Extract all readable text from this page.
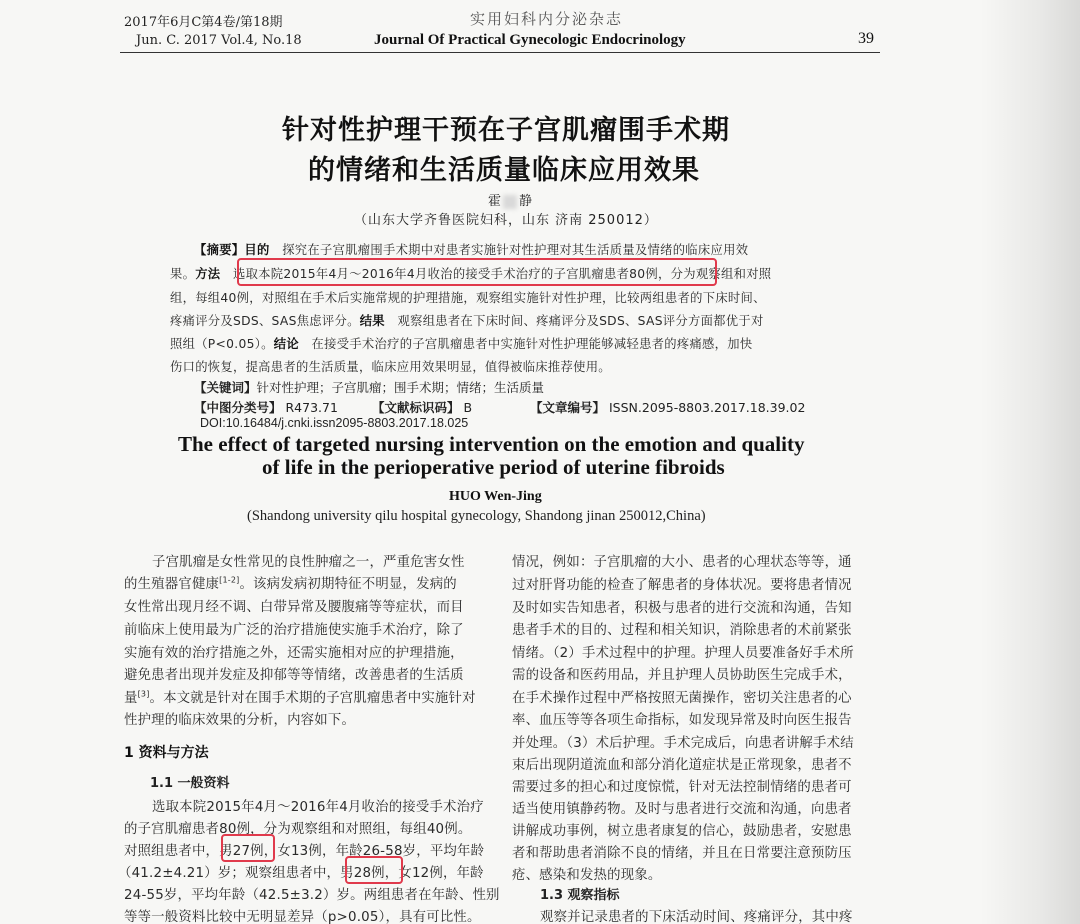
2017年6月C第4卷/第18期
Jun. C. 2017 Vol.4, No.18
实用妇科内分泌杂志
Journal Of Practical Gynecologic Endocrinology	39
针对性护理干预在子宫肌瘤围手术期
的情绪和生活质量临床应用效果
霍 静
（山东大学齐鲁医院妇科，山东 济南 250012）
【摘要】目的　 探究在子宫肌瘤围手术期中对患者实施针对性护理对其生活质量及情绪的临床应用效
果。方法　 选取本院2015年4月～2016年4月收治的接受手术治疗的子宫肌瘤患者80例，分为观察组和对照
组，每组40例，对照组在手术后实施常规的护理措施，观察组实施针对性护理，比较两组患者的下床时间、
疼痛评分及SDS、SAS焦虑评分。结果　 观察组患者在下床时间、疼痛评分及SDS、SAS评分方面都优于对
照组（P<0.05）。结论　 在接受手术治疗的子宫肌瘤患者中实施针对性护理能够减轻患者的疼痛感，加快
伤口的恢复，提高患者的生活质量，临床应用效果明显，值得被临床推荐使用。
【关键词】针对性护理；子宫肌瘤；围手术期；情绪；生活质量
【中图分类号】 R473.71	【文献标识码】 B	【文章编号】 ISSN.2095-8803.2017.18.39.02
DOI:10.16484/j.cnki.issn2095-8803.2017.18.025
The effect of targeted nursing intervention on the emotion and quality
of life in the perioperative period of uterine fibroids
HUO Wen-Jing
(Shandong university qilu hospital gynecology, Shandong jinan 250012,China)
子宫肌瘤是女性常见的良性肿瘤之一，严重危害女性
的生殖器官健康[1-2]。该病发病初期特征不明显，发病的
女性常出现月经不调、白带异常及腰腹痛等等症状，而目
前临床上使用最为广泛的治疗措施使实施手术治疗，除了
实施有效的治疗措施之外，还需实施相对应的护理措施，
避免患者出现并发症及抑郁等等情绪，改善患者的生活质
量[3]。本文就是针对在围手术期的子宫肌瘤患者中实施针对
性护理的临床效果的分析，内容如下。
1 资料与方法
1.1 一般资料
选取本院2015年4月～2016年4月收治的接受手术治疗
的子宫肌瘤患者80例，分为观察组和对照组，每组40例。
对照组患者中，男27例，女13例，年龄26-58岁，平均年龄
（41.2±4.21）岁；观察组患者中，男28例，女12例，年龄
24-55岁，平均年龄（42.5±3.2）岁。两组患者在年龄、性别
等等一般资料比较中无明显差异（p>0.05），具有可比性。
情况，例如：子宫肌瘤的大小、患者的心理状态等等，通
过对肝肾功能的检查了解患者的身体状况。要将患者情况
及时如实告知患者，积极与患者的进行交流和沟通，告知
患者手术的目的、过程和相关知识，消除患者的术前紧张
情绪。（2）手术过程中的护理。护理人员要准备好手术所
需的设备和医药用品，并且护理人员协助医生完成手术，
在手术操作过程中严格按照无菌操作，密切关注患者的心
率、血压等等各项生命指标，如发现异常及时向医生报告
并处理。（3）术后护理。手术完成后，向患者讲解手术结
束后出现阴道流血和部分消化道症状是正常现象，患者不
需要过多的担心和过度惊慌，针对无法控制情绪的患者可
适当使用镇静药物。及时与患者进行交流和沟通，向患者
讲解成功事例，树立患者康复的信心，鼓励患者，安慰患
者和帮助患者消除不良的情绪，并且在日常要注意预防压
疮、感染和发热的现象。
1.3 观察指标
观察并记录患者的下床活动时间、疼痛评分，其中疼
